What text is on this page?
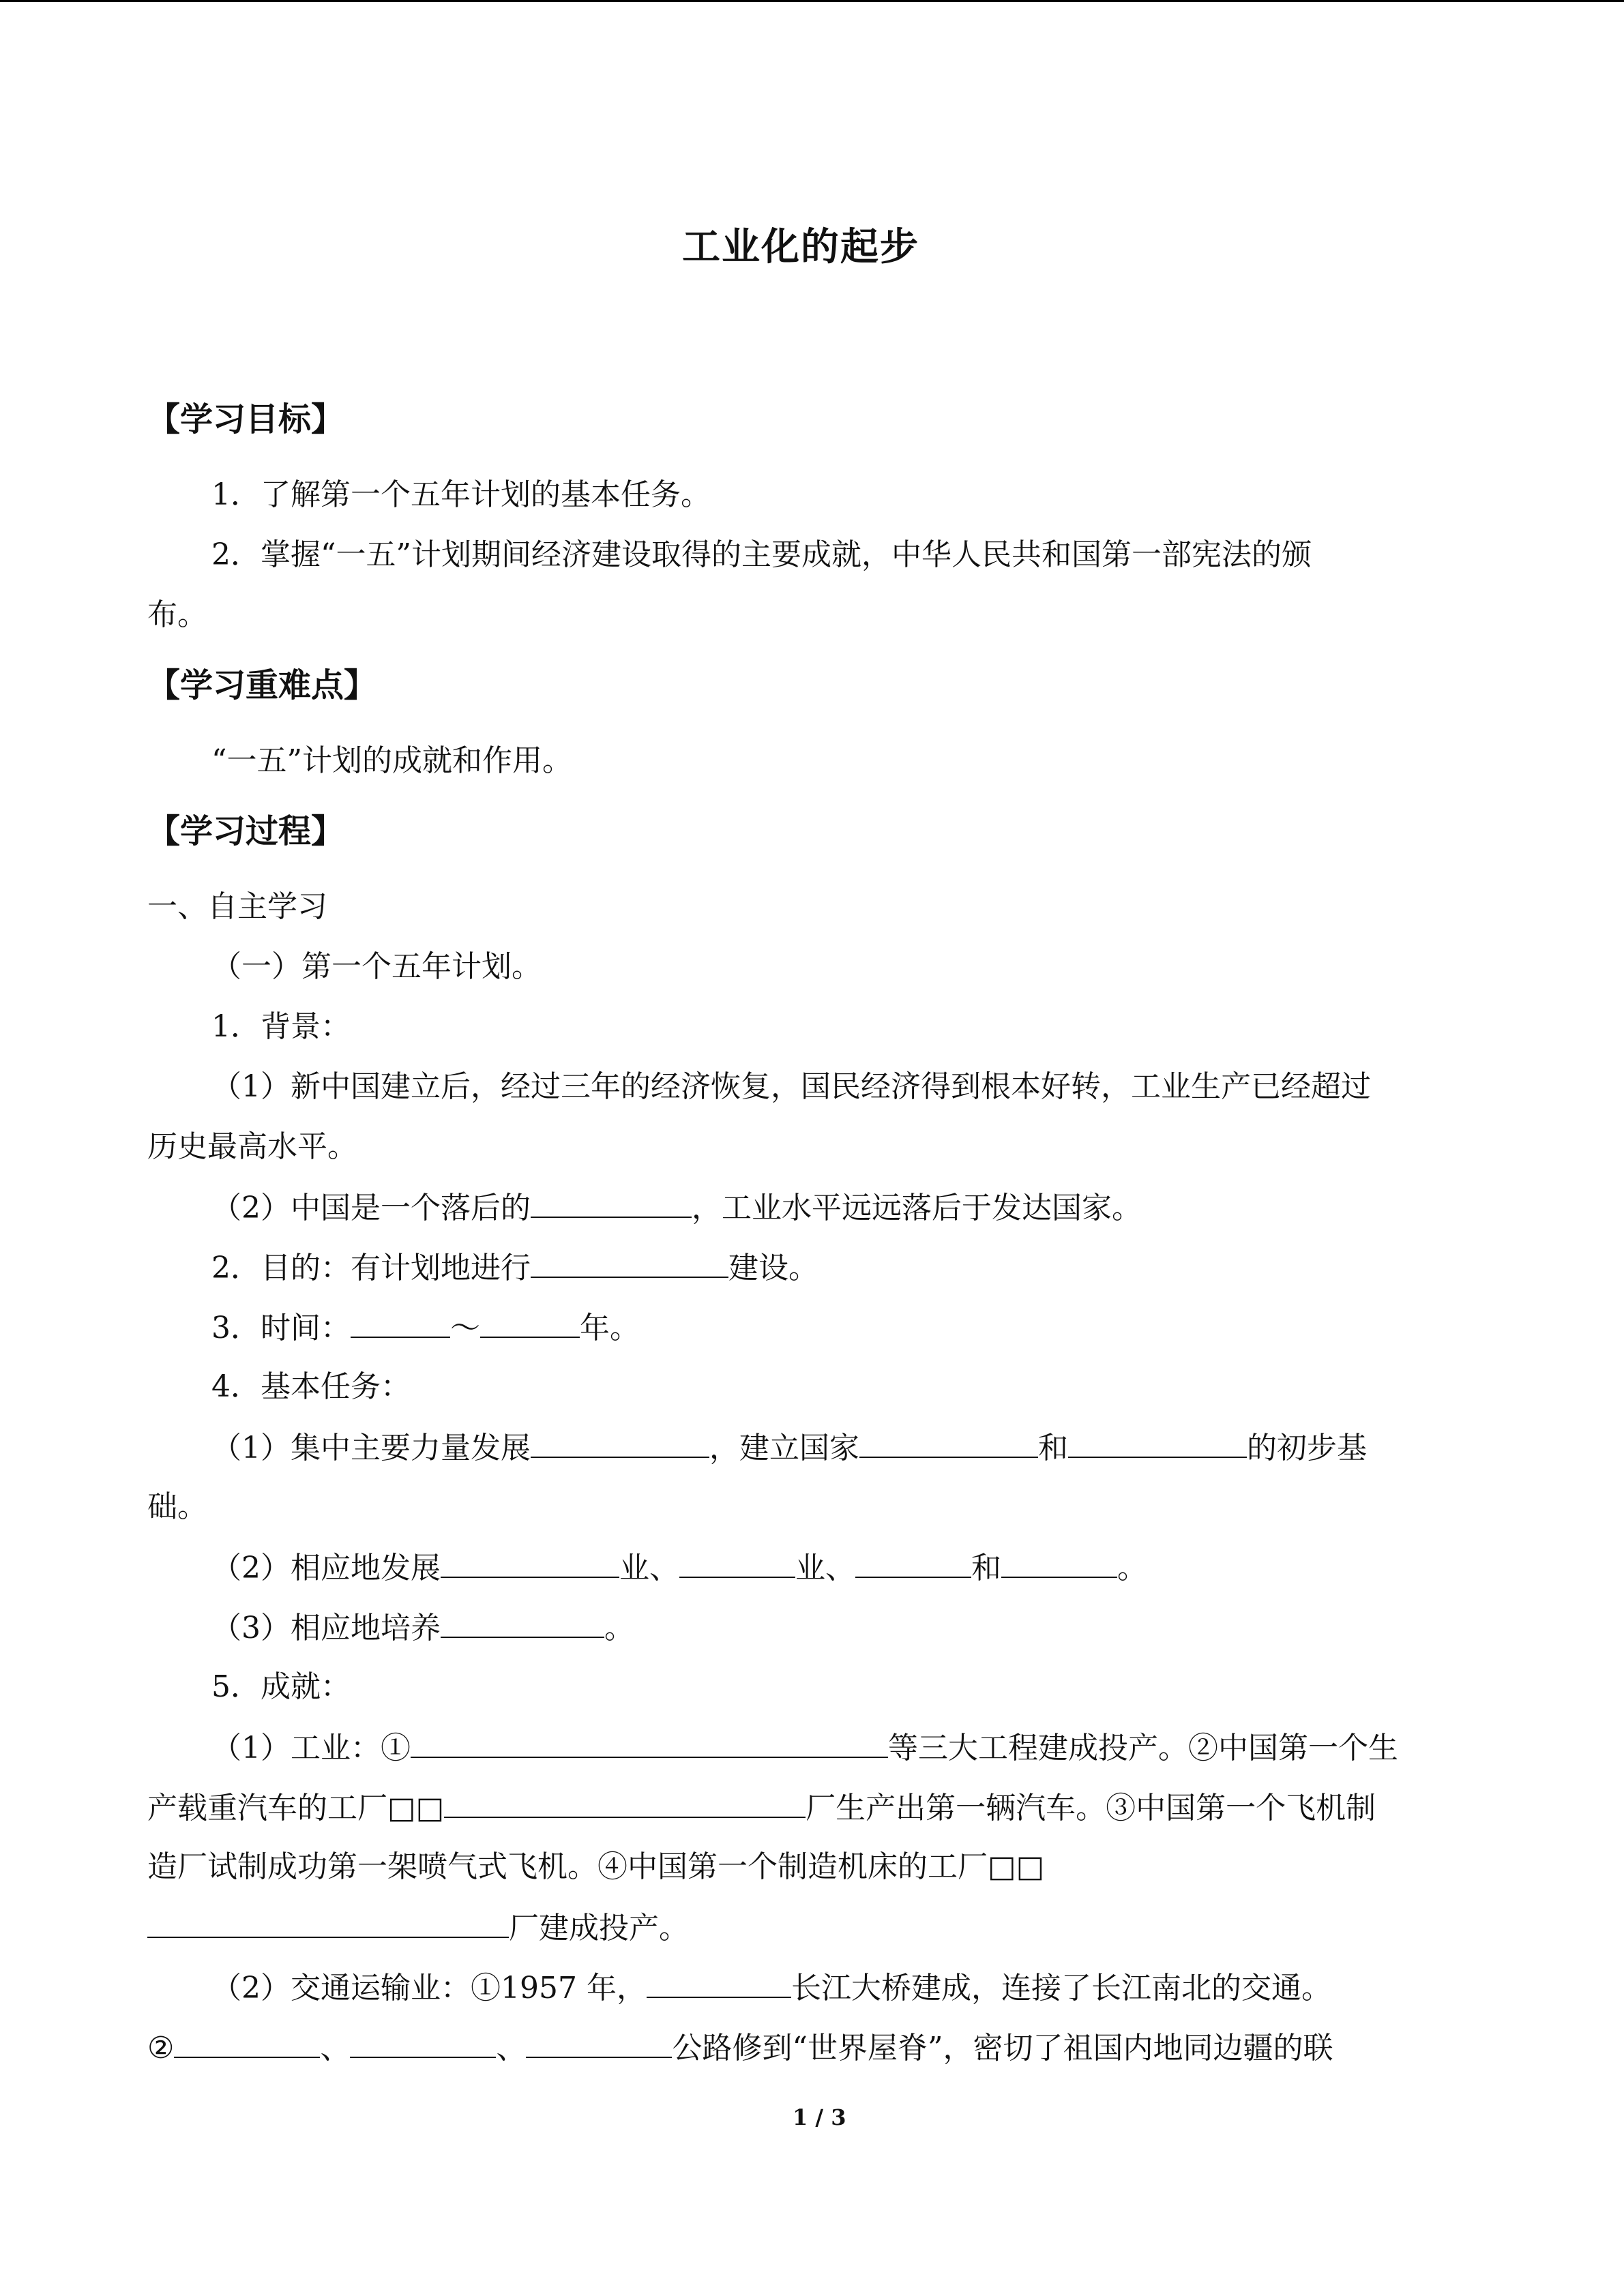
工业化的起步
【学习目标】
1．了解第一个五年计划的基本任务。
2．掌握“一五”计划期间经济建设取得的主要成就，中华人民共和国第一部宪法的颁
布。
【学习重难点】
“一五”计划的成就和作用。
【学习过程】
一、自主学习
（一）第一个五年计划。
1．背景：
（1）新中国建立后，经过三年的经济恢复，国民经济得到根本好转，工业生产已经超过
历史最高水平。
（2）中国是一个落后的	，工业水平远远落后于发达国家。
2．目的：有计划地进行	建设。
3．时间：	～	年。
4．基本任务：
（1）集中主要力量发展	，建立国家	和	的初步基
础。
（2）相应地发展	业、	业、	和	。
（3）相应地培养	。
5．成就：
（1）工业：①	等三大工程建成投产。②中国第一个生
产载重汽车的工厂□□	厂生产出第一辆汽车。③中国第一个飞机制
造厂试制成功第一架喷气式飞机。④中国第一个制造机床的工厂□□
厂建成投产。
（2）交通运输业：①1957 年，	长江大桥建成，连接了长江南北的交通。
②	、	、	公路修到“世界屋脊”，密切了祖国内地同边疆的联
1 / 3
